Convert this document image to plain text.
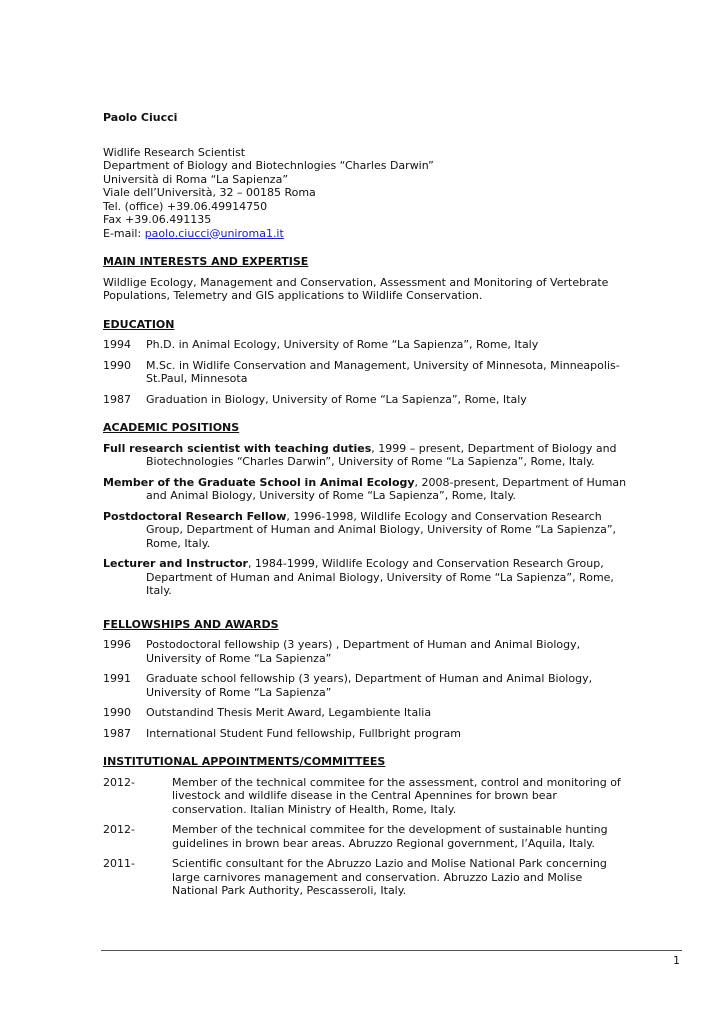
Paolo Ciucci
Widlife Research Scientist
Department of Biology and Biotechnlogies “Charles Darwin”
Università di Roma “La Sapienza”
Viale dell’Università, 32 – 00185 Roma
Tel. (office) +39.06.49914750
Fax +39.06.491135
E-mail: paolo.ciucci@uniroma1.it
MAIN INTERESTS AND EXPERTISE

Wildlige Ecology, Management and Conservation, Assessment and Monitoring of Vertebrate Populations, Telemetry and GIS applications to Wildlife Conservation.

EDUCATION
1994	Ph.D. in Animal Ecology, University of Rome “La Sapienza”, Rome, Italy
1990	M.Sc. in Widlife Conservation and Management, University of Minnesota, Minneapolis-St.Paul, Minnesota
1987	Graduation in Biology, University of Rome “La Sapienza”, Rome, Italy
ACADEMIC POSITIONS

Full research scientist with teaching duties, 1999 – present, Department of Biology and Biotechnologies “Charles Darwin”, University of Rome “La Sapienza”, Rome, Italy.

Member of the Graduate School in Animal Ecology, 2008-present, Department of Human and Animal Biology, University of Rome “La Sapienza”, Rome, Italy.

Postdoctoral Research Fellow, 1996-1998, Wildlife Ecology and Conservation Research Group, Department of Human and Animal Biology, University of Rome “La Sapienza”, Rome, Italy.

Lecturer and Instructor, 1984-1999, Wildlife Ecology and Conservation Research Group, Department of Human and Animal Biology, University of Rome “La Sapienza”, Rome, Italy.

FELLOWSHIPS AND AWARDS
1996	Postodoctoral fellowship (3 years) , Department of Human and Animal Biology, University of Rome “La Sapienza”
1991	Graduate school fellowship (3 years), Department of Human and Animal Biology, University of Rome “La Sapienza”
1990	Outstandind Thesis Merit Award, Legambiente Italia
1987	International Student Fund fellowship, Fullbright program
INSTITUTIONAL APPOINTMENTS/COMMITTEES
2012-	Member of the technical commitee for the assessment, control and monitoring of livestock and wildlife disease in the Central Apennines for brown bear conservation. Italian Ministry of Health, Rome, Italy.
2012-	Member of the technical commitee for the development of sustainable hunting guidelines in brown bear areas. Abruzzo Regional government, l’Aquila, Italy.
2011-	Scientific consultant for the Abruzzo Lazio and Molise National Park concerning large carnivores management and conservation. Abruzzo Lazio and Molise National Park Authority, Pescasseroli, Italy.
1
